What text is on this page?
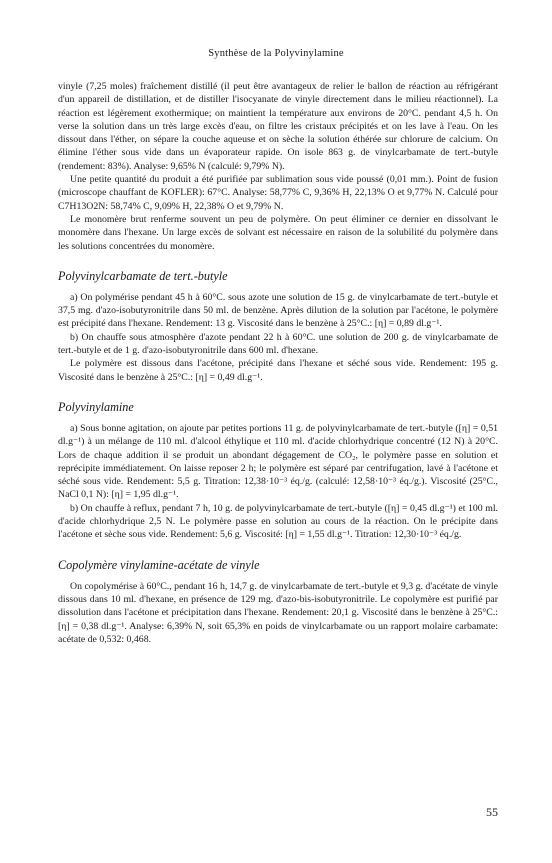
Synthèse de la Polyvinylamine

vinyle (7,25 moles) fraîchement distillé (il peut être avantageux de relier le ballon de réaction au réfrigérant d'un appareil de distillation, et de distiller l'isocyanate de vinyle directement dans le milieu réactionnel). La réaction est légèrement exothermique; on maintient la température aux environs de 20°C. pendant 4,5 h. On verse la solution dans un très large excès d'eau, on filtre les cristaux précipités et on les lave à l'eau. On les dissout dans l'éther, on sépare la couche aqueuse et on sèche la solution éthérée sur chlorure de calcium. On élimine l'éther sous vide dans un évaporateur rapide. On isole 863 g. de vinylcarbamate de tert.-butyle (rendement: 83%). Analyse: 9,65% N (calculé: 9,79% N).

Une petite quantité du produit a été purifiée par sublimation sous vide poussé (0,01 mm.). Point de fusion (microscope chauffant de KOFLER): 67°C. Analyse: 58,77% C, 9,36% H, 22,13% O et 9,77% N. Calculé pour C7H13O2N: 58,74% C, 9,09% H, 22,38% O et 9,79% N.

Le monomère brut renferme souvent un peu de polymère. On peut éliminer ce dernier en dissolvant le monomère dans l'hexane. Un large excès de solvant est nécessaire en raison de la solubilité du polymère dans les solutions concentrées du monomère.

Polyvinylcarbamate de tert.-butyle

a) On polymérise pendant 45 h à 60°C. sous azote une solution de 15 g. de vinylcarbamate de tert.-butyle et 37,5 mg. d'azo-isobutyronitrile dans 50 ml. de benzène. Après dilution de la solution par l'acétone, le polymère est précipité dans l'hexane. Rendement: 13 g. Viscosité dans le benzène à 25°C.: [η] = 0,89 dl.g⁻¹.

b) On chauffe sous atmosphère d'azote pendant 22 h à 60°C. une solution de 200 g. de vinylcarbamate de tert.-butyle et de 1 g. d'azo-isobutyronitrile dans 600 ml. d'hexane.

Le polymère est dissous dans l'acétone, précipité dans l'hexane et séché sous vide. Rendement: 195 g. Viscosité dans le benzène à 25°C.: [η] = 0,49 dl.g⁻¹.

Polyvinylamine

a) Sous bonne agitation, on ajoute par petites portions 11 g. de polyvinylcarbamate de tert.-butyle ([η] = 0,51 dl.g⁻¹) à un mélange de 110 ml. d'alcool éthylique et 110 ml. d'acide chlorhydrique concentré (12 N) à 20°C. Lors de chaque addition il se produit un abondant dégagement de CO₂, le polymère passe en solution et reprécipite immédiatement. On laisse reposer 2 h; le polymère est séparé par centrifugation, lavé à l'acétone et séché sous vide. Rendement: 5,5 g. Titration: 12,38·10⁻³ éq./g. (calculé: 12,58·10⁻³ éq./g.). Viscosité (25°C., NaCl 0,1 N): [η] = 1,95 dl.g⁻¹.

b) On chauffe à reflux, pendant 7 h, 10 g. de polyvinylcarbamate de tert.-butyle ([η] = 0,45 dl.g⁻¹) et 100 ml. d'acide chlorhydrique 2,5 N. Le polymère passe en solution au cours de la réaction. On le précipite dans l'acétone et sèche sous vide. Rendement: 5,6 g. Viscosité: [η] = 1,55 dl.g⁻¹. Titration: 12,30·10⁻³ éq./g.

Copolymère vinylamine-acétate de vinyle

On copolymérise à 60°C., pendant 16 h, 14,7 g. de vinylcarbamate de tert.-butyle et 9,3 g. d'acétate de vinyle dissous dans 10 ml. d'hexane, en présence de 129 mg. d'azo-bis-isobutyronitrile. Le copolymère est purifié par dissolution dans l'acétone et précipitation dans l'hexane. Rendement: 20,1 g. Viscosité dans le benzène à 25°C.: [η] = 0,38 dl.g⁻¹. Analyse: 6,39% N, soit 65,3% en poids de vinylcarbamate ou un rapport molaire carbamate: acétate de 0,532: 0,468.

55
